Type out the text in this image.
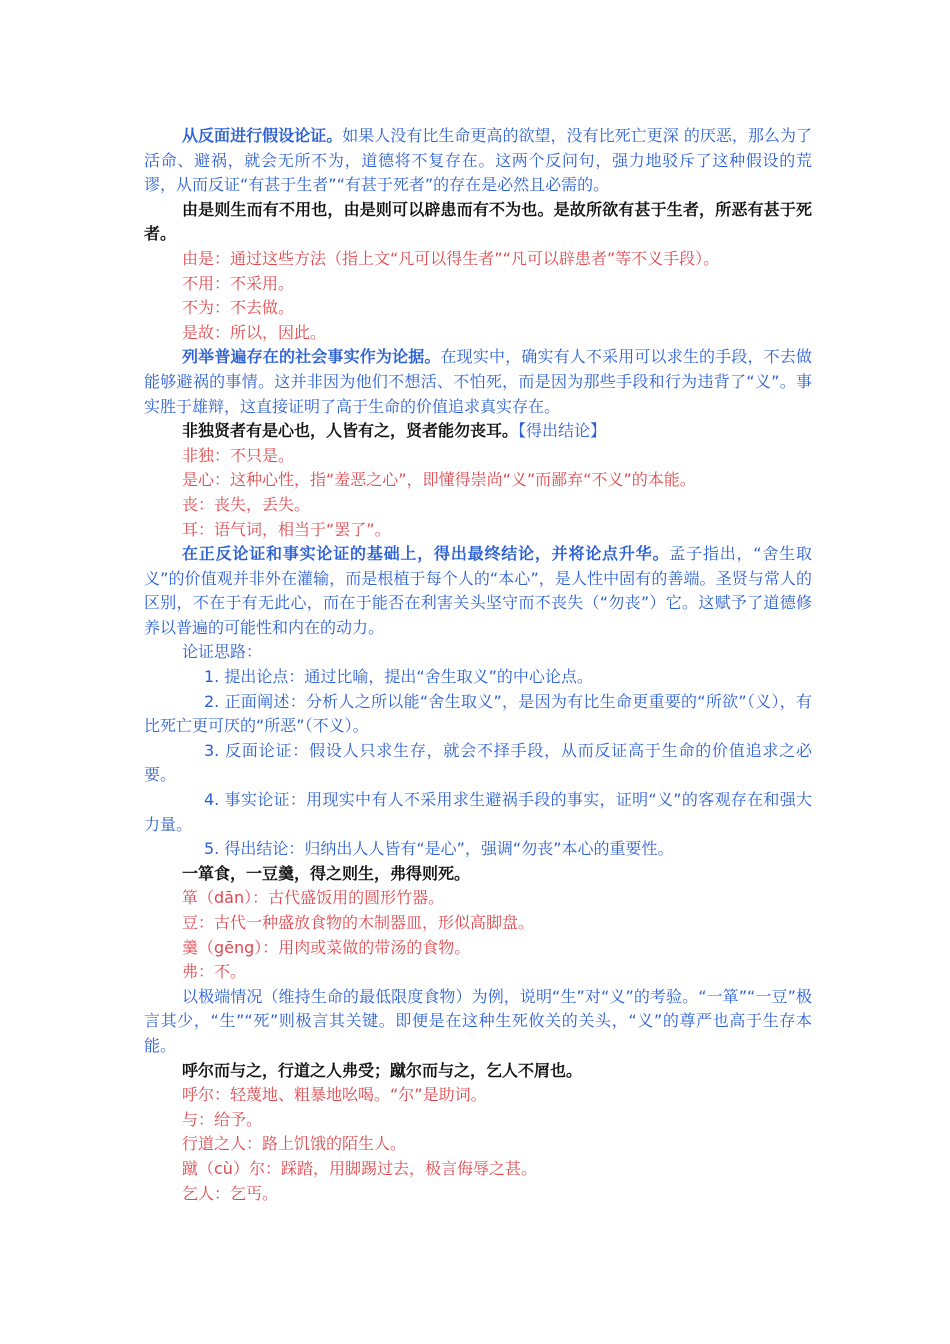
从反面进行假设论证。如果人没有比生命更高的欲望，没有比死亡更深 的厌恶，那么为了活命、避祸，就会无所不为，道德将不复存在。这两个反问句，强力地驳斥了这种假设的荒谬，从而反证“有甚于生者”“有甚于死者”的存在是必然且必需的。

由是则生而有不用也，由是则可以辟患而有不为也。是故所欲有甚于生者，所恶有甚于死者。

由是：通过这些方法（指上文“凡可以得生者”“凡可以辟患者”等不义手段）。

不用：不采用。

不为：不去做。

是故：所以，因此。

列举普遍存在的社会事实作为论据。在现实中，确实有人不采用可以求生的手段，不去做能够避祸的事情。这并非因为他们不想活、不怕死，而是因为那些手段和行为违背了“义”。事实胜于雄辩，这直接证明了高于生命的价值追求真实存在。

非独贤者有是心也，人皆有之，贤者能勿丧耳。【得出结论】

非独：不只是。

是心：这种心性，指“羞恶之心”，即懂得崇尚“义”而鄙弃“不义”的本能。

丧：丧失，丢失。

耳：语气词，相当于“罢了”。

在正反论证和事实论证的基础上，得出最终结论，并将论点升华。孟子指出，“舍生取义”的价值观并非外在灌输，而是根植于每个人的“本心”，是人性中固有的善端。圣贤与常人的区别，不在于有无此心，而在于能否在利害关头坚守而不丧失（“勿丧”）它。这赋予了道德修养以普遍的可能性和内在的动力。

论证思路：

1. 提出论点：通过比喻，提出“舍生取义”的中心论点。

2. 正面阐述：分析人之所以能“舍生取义”，是因为有比生命更重要的“所欲”（义），有比死亡更可厌的“所恶”（不义）。

3. 反面论证：假设人只求生存，就会不择手段，从而反证高于生命的价值追求之必要。

4. 事实论证：用现实中有人不采用求生避祸手段的事实，证明“义”的客观存在和强大力量。

5. 得出结论：归纳出人人皆有“是心”，强调“勿丧”本心的重要性。

一箪食，一豆羹，得之则生，弗得则死。

箪（dān）：古代盛饭用的圆形竹器。

豆：古代一种盛放食物的木制器皿，形似高脚盘。

羹（gēng）：用肉或菜做的带汤的食物。

弗：不。

以极端情况（维持生命的最低限度食物）为例，说明“生”对“义”的考验。“一箪”“一豆”极言其少，“生”“死”则极言其关键。即便是在这种生死攸关的关头，“义”的尊严也高于生存本能。

呼尔而与之，行道之人弗受；蹴尔而与之，乞人不屑也。

呼尔：轻蔑地、粗暴地吆喝。“尔”是助词。

与：给予。

行道之人：路上饥饿的陌生人。

蹴（cù）尔：踩踏，用脚踢过去，极言侮辱之甚。

乞人：乞丐。
